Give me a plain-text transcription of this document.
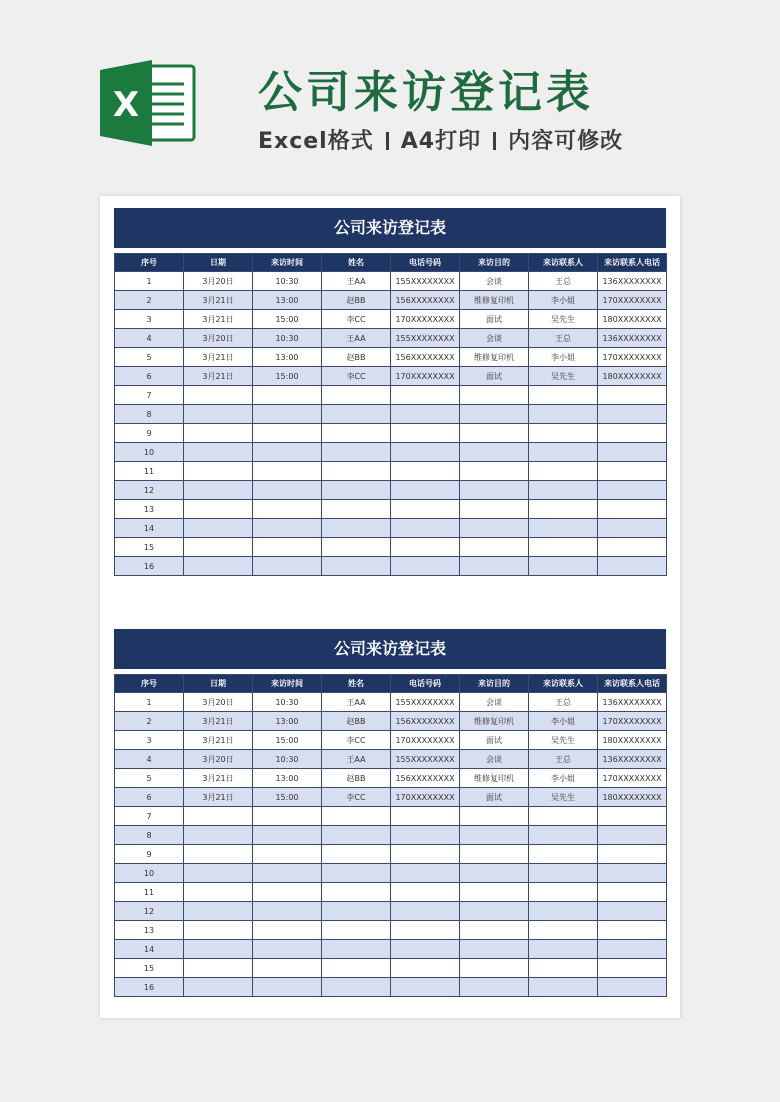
X	公司来访登记表
Excel格式 A4打印 内容可修改
公司来访登记表
序号	日期	来访时间	姓名	电话号码	来访目的	来访联系人	来访联系人电话
1	3月20日	10:30	王AA	155XXXXXXXX	会谈	王总	136XXXXXXXX
2	3月21日	13:00	赵BB	156XXXXXXXX	维修复印机	李小姐	170XXXXXXXX
3	3月21日	15:00	李CC	170XXXXXXXX	面试	吴先生	180XXXXXXXX
4	3月20日	10:30	王AA	155XXXXXXXX	会谈	王总	136XXXXXXXX
5	3月21日	13:00	赵BB	156XXXXXXXX	维修复印机	李小姐	170XXXXXXXX
6	3月21日	15:00	李CC	170XXXXXXXX	面试	吴先生	180XXXXXXXX
7							
8							
9							
10							
11							
12							
13							
14							
15							
16							
公司来访登记表
序号	日期	来访时间	姓名	电话号码	来访目的	来访联系人	来访联系人电话
1	3月20日	10:30	王AA	155XXXXXXXX	会谈	王总	136XXXXXXXX
2	3月21日	13:00	赵BB	156XXXXXXXX	维修复印机	李小姐	170XXXXXXXX
3	3月21日	15:00	李CC	170XXXXXXXX	面试	吴先生	180XXXXXXXX
4	3月20日	10:30	王AA	155XXXXXXXX	会谈	王总	136XXXXXXXX
5	3月21日	13:00	赵BB	156XXXXXXXX	维修复印机	李小姐	170XXXXXXXX
6	3月21日	15:00	李CC	170XXXXXXXX	面试	吴先生	180XXXXXXXX
7							
8							
9							
10							
11							
12							
13							
14							
15							
16							
